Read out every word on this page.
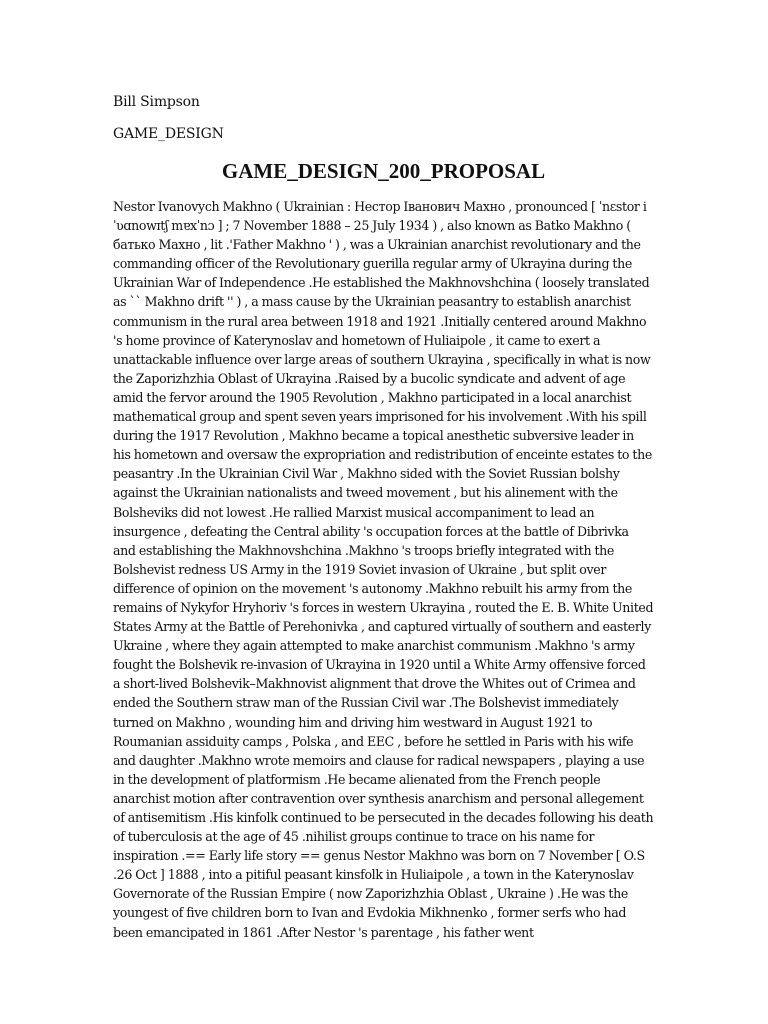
Bill Simpson

GAME_DESIGN

GAME_DESIGN_200_PROPOSAL

Nestor Ivanovych Makhno ( Ukrainian : Нестор Іванович Махно , pronounced [ ˈnɛstor i ˈʋɑnowɪtʃ mɐxˈnɔ ] ; 7 November 1888 – 25 July 1934 ) , also known as Batko Makhno ( батько Махно , lit .'Father Makhno ' ) , was a Ukrainian anarchist revolutionary and the commanding officer of the Revolutionary guerilla regular army of Ukrayina during the Ukrainian War of Independence .He established the Makhnovshchina ( loosely translated as `` Makhno drift '' ) , a mass cause by the Ukrainian peasantry to establish anarchist communism in the rural area between 1918 and 1921 .Initially centered around Makhno 's home province of Katerynoslav and hometown of Huliaipole , it came to exert a unattackable influence over large areas of southern Ukrayina , specifically in what is now the Zaporizhzhia Oblast of Ukrayina .Raised by a bucolic syndicate and advent of age amid the fervor around the 1905 Revolution , Makhno participated in a local anarchist mathematical group and spent seven years imprisoned for his involvement .With his spill during the 1917 Revolution , Makhno became a topical anesthetic subversive leader in his hometown and oversaw the expropriation and redistribution of enceinte estates to the peasantry .In the Ukrainian Civil War , Makhno sided with the Soviet Russian bolshy against the Ukrainian nationalists and tweed movement , but his alinement with the Bolsheviks did not lowest .He rallied Marxist musical accompaniment to lead an insurgence , defeating the Central ability 's occupation forces at the battle of Dibrivka and establishing the Makhnovshchina .Makhno 's troops briefly integrated with the Bolshevist redness US Army in the 1919 Soviet invasion of Ukraine , but split over difference of opinion on the movement 's autonomy .Makhno rebuilt his army from the remains of Nykyfor Hryhoriv 's forces in western Ukrayina , routed the E. B. White United States Army at the Battle of Perehonivka , and captured virtually of southern and easterly Ukraine , where they again attempted to make anarchist communism .Makhno 's army fought the Bolshevik re-invasion of Ukrayina in 1920 until a White Army offensive forced a short-lived Bolshevik–Makhnovist alignment that drove the Whites out of Crimea and ended the Southern straw man of the Russian Civil war .The Bolshevist immediately turned on Makhno , wounding him and driving him westward in August 1921 to Roumanian assiduity camps , Polska , and EEC , before he settled in Paris with his wife and daughter .Makhno wrote memoirs and clause for radical newspapers , playing a use in the development of platformism .He became alienated from the French people anarchist motion after contravention over synthesis anarchism and personal allegement of antisemitism .His kinfolk continued to be persecuted in the decades following his death of tuberculosis at the age of 45 .nihilist groups continue to trace on his name for inspiration .== Early life story == genus Nestor Makhno was born on 7 November [ O.S .26 Oct ] 1888 , into a pitiful peasant kinsfolk in Huliaipole , a town in the Katerynoslav Governorate of the Russian Empire ( now Zaporizhzhia Oblast , Ukraine ) .He was the youngest of five children born to Ivan and Evdokia Mikhnenko , former serfs who had been emancipated in 1861 .After Nestor 's parentage , his father went
